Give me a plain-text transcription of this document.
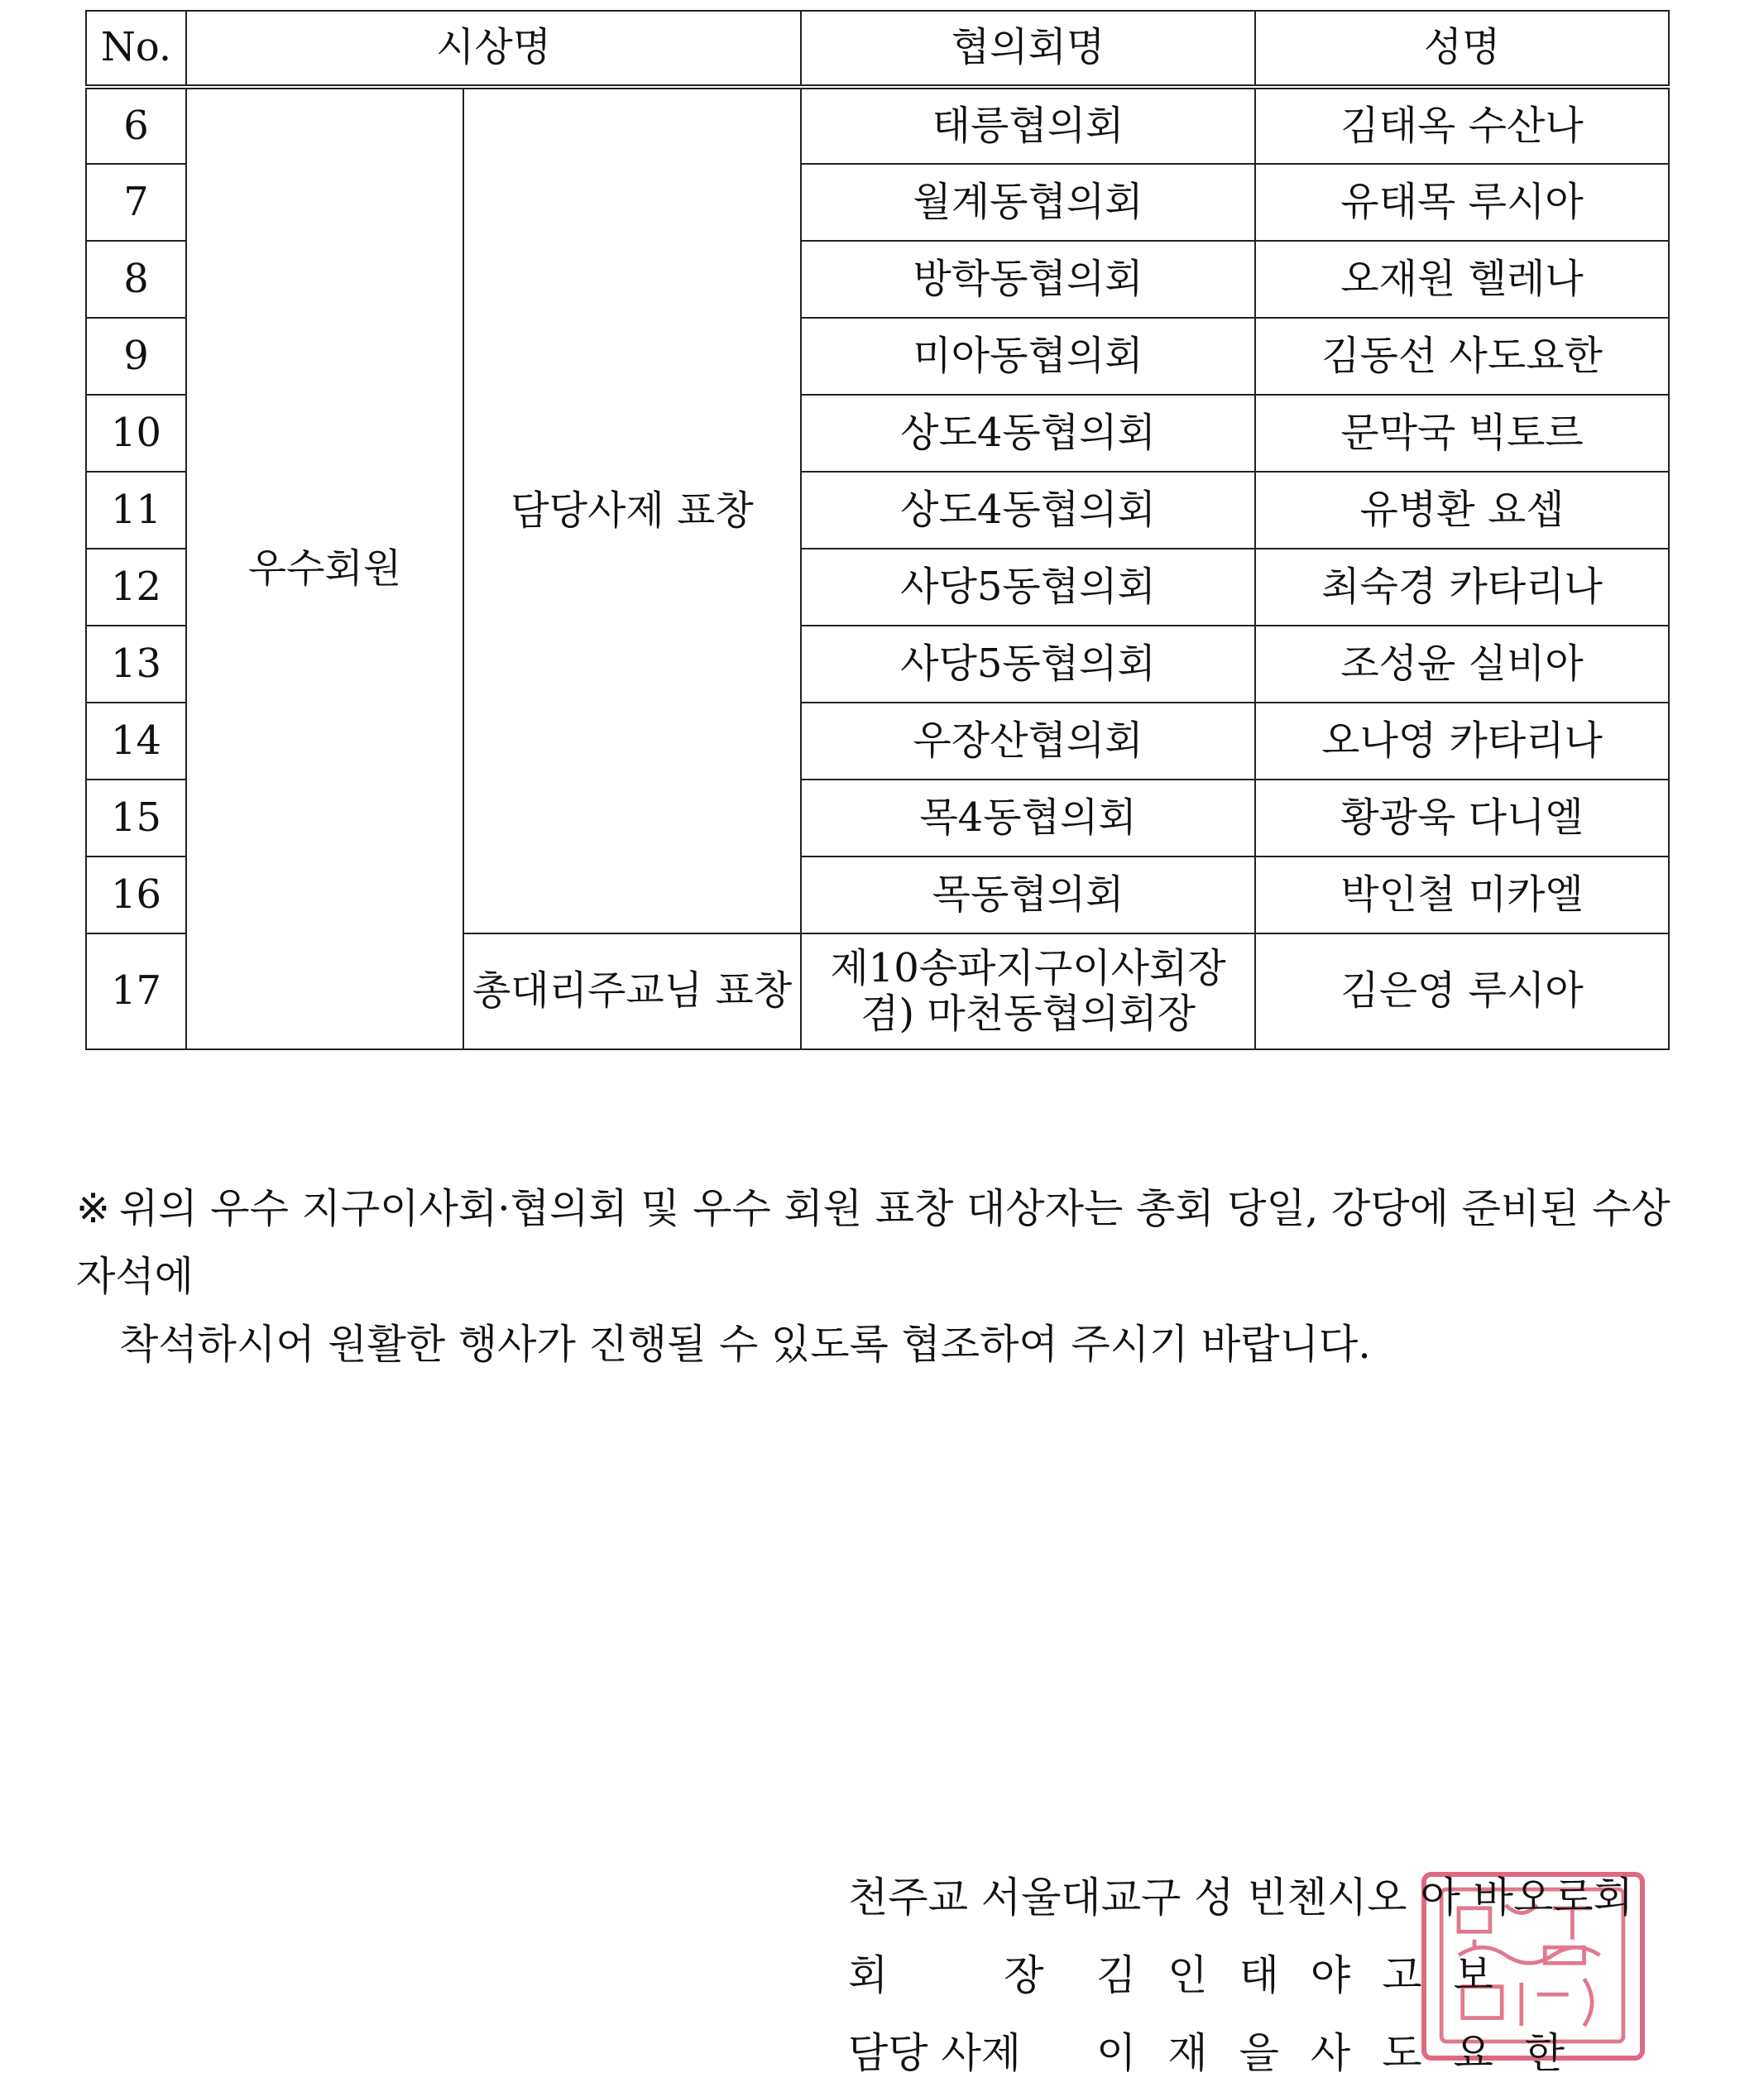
No.	시상명		협의회명	성명
6	우수회원	담당사제 표창	태릉협의회	김태옥 수산나
7			월계동협의회	유태목 루시아
8			방학동협의회	오재원 헬레나
9			미아동협의회	김동선 사도요한
10			상도4동협의회	문막국 빅토르
11			상도4동협의회	유병환 요셉
12			사당5동협의회	최숙경 카타리나
13			사당5동협의회	조성윤 실비아
14			우장산협의회	오나영 카타리나
15			목4동협의회	황광욱 다니엘
16			목동협의회	박인철 미카엘
17		총대리주교님 표창	제10송파지구이사회장
겸) 마천동협의회장	김은영 루시아
※ 위의 우수 지구이사회·협의회 및 우수 회원 표창 대상자는 총회 당일, 강당에 준비된 수상자석에
착석하시어 원활한 행사가 진행될 수 있도록 협조하여 주시기 바랍니다.
천주교 서울대교구 성 빈첸시오 아 바오로회
회장
김인태야고보
담당 사제	이재을사도요한
